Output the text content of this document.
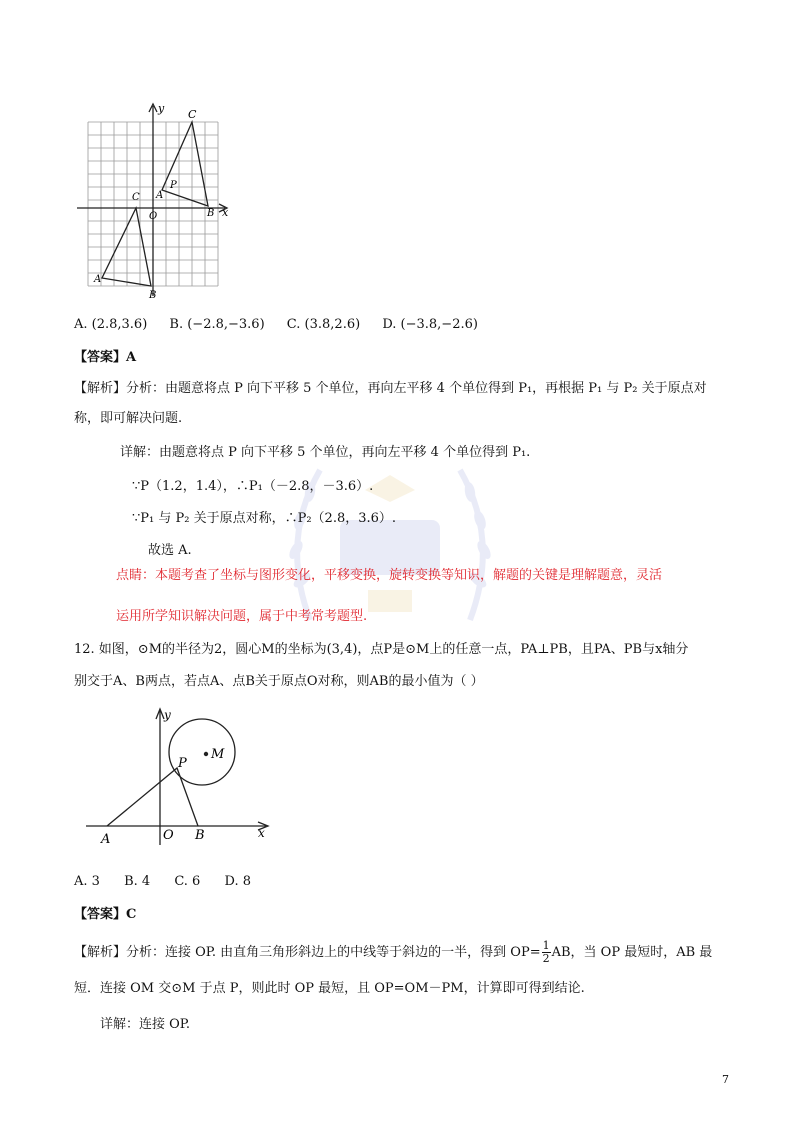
y
x
C
P
A
O	B
C
A
B
A. (2.8,3.6) B. (−2.8,−3.6) C. (3.8,2.6) D. (−3.8,−2.6)
【答案】A
【解析】分析：由题意将点 P 向下平移 5 个单位，再向左平移 4 个单位得到 P₁，再根据 P₁ 与 P₂ 关于原点对
称，即可解决问题.
详解：由题意将点 P 向下平移 5 个单位，再向左平移 4 个单位得到 P₁.
∵P（1.2，1.4），∴P₁（－2.8，－3.6）.
∵P₁ 与 P₂ 关于原点对称，∴P₂（2.8，3.6）.
故选 A.
点睛：本题考查了坐标与图形变化，平移变换，旋转变换等知识，解题的关键是理解题意，灵活
运用所学知识解决问题，属于中考常考题型.
12. 如图，⊙M的半径为2，圆心M的坐标为(3,4)，点P是⊙M上的任意一点，PA⊥PB，且PA、PB与x轴分
别交于A、B两点，若点A、点B关于原点O对称，则AB的最小值为（ ）
y
x
M
P
A	O B
A. 3 B. 4 C. 6 D. 8
【答案】C
【解析】分析：连接 OP. 由直角三角形斜边上的中线等于斜边的一半，得到 $OP= \frac{1}{2}$ AB，当 OP 最短时，AB 最
短．连接 OM 交⊙M 于点 P，则此时 OP 最短，且 OP=OM－PM，计算即可得到结论.
详解：连接 OP.
7
